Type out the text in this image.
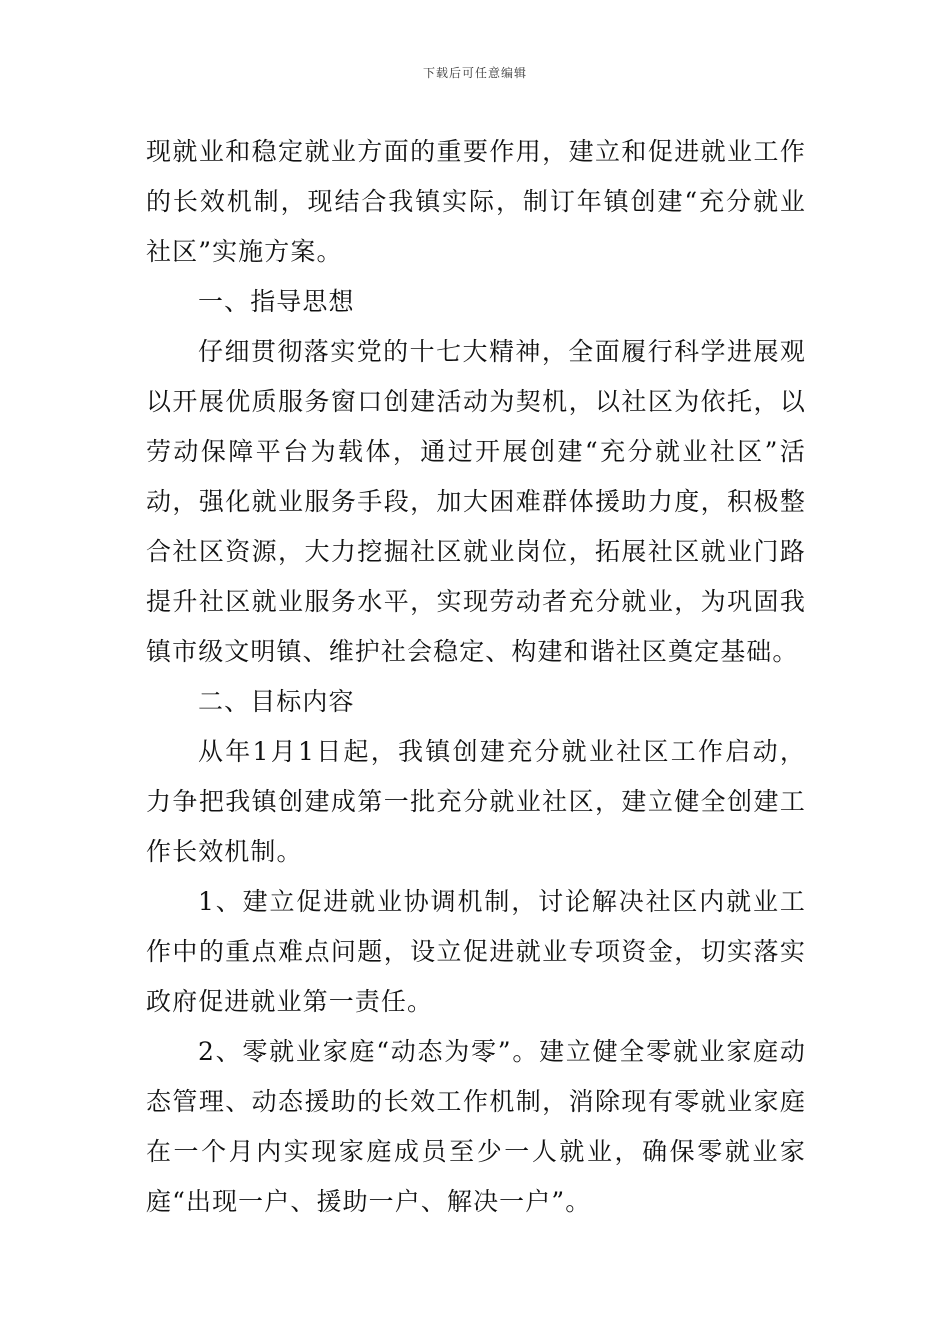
下载后可任意编辑

现就业和稳定就业方面的重要作用，建立和促进就业工作的长效机制，现结合我镇实际，制订年镇创建“充分就业社区”实施方案。

一、指导思想

仔细贯彻落实党的十七大精神，全面履行科学进展观以开展优质服务窗口创建活动为契机，以社区为依托，以劳动保障平台为载体，通过开展创建“充分就业社区”活动，强化就业服务手段，加大困难群体援助力度，积极整合社区资源，大力挖掘社区就业岗位，拓展社区就业门路提升社区就业服务水平，实现劳动者充分就业，为巩固我镇市级文明镇、维护社会稳定、构建和谐社区奠定基础。

二、目标内容

从年1月1日起，我镇创建充分就业社区工作启动，力争把我镇创建成第一批充分就业社区，建立健全创建工作长效机制。

1、建立促进就业协调机制，讨论解决社区内就业工作中的重点难点问题，设立促进就业专项资金，切实落实政府促进就业第一责任。

2、零就业家庭“动态为零”。建立健全零就业家庭动态管理、动态援助的长效工作机制，消除现有零就业家庭在一个月内实现家庭成员至少一人就业，确保零就业家庭“出现一户、援助一户、解决一户”。
